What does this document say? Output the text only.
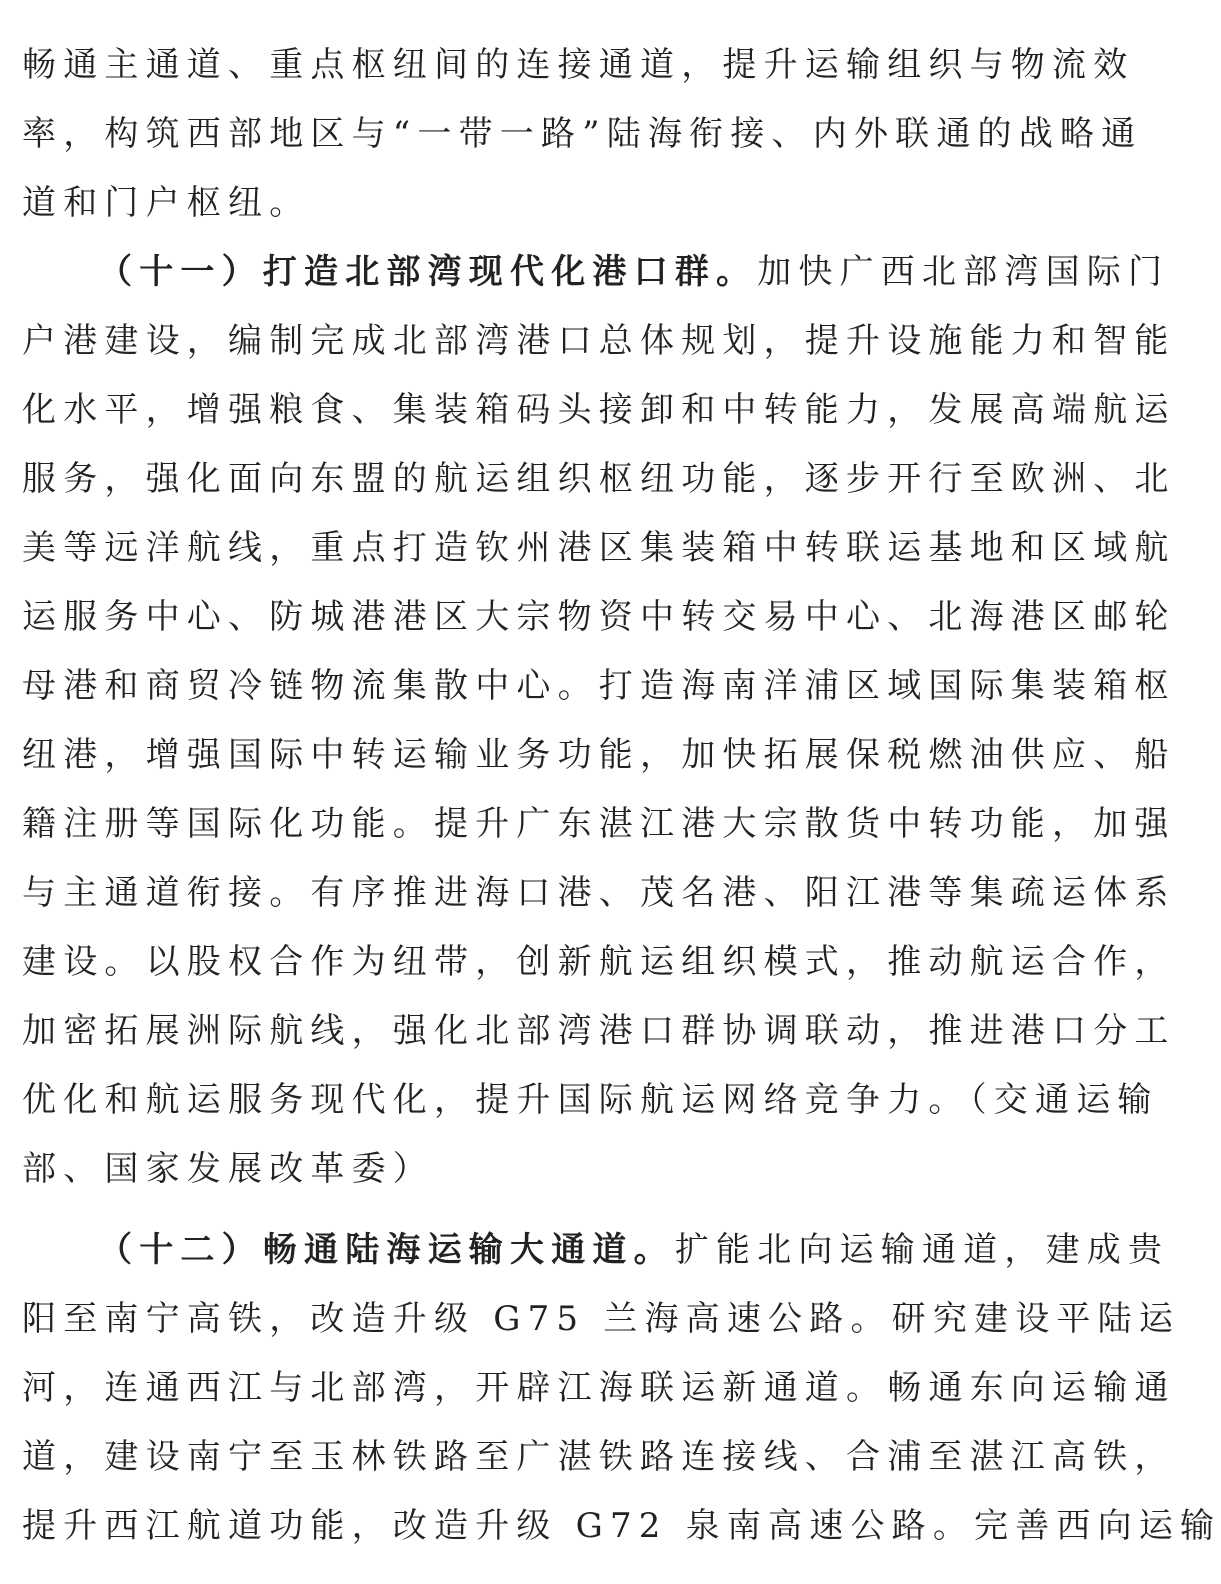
畅通主通道、重点枢纽间的连接通道，提升运输组织与物流效
率，构筑西部地区与“一带一路”陆海衔接、内外联通的战略通
道和门户枢纽。
（十一）打造北部湾现代化港口群。加快广西北部湾国际门
户港建设，编制完成北部湾港口总体规划，提升设施能力和智能
化水平，增强粮食、集装箱码头接卸和中转能力，发展高端航运
服务，强化面向东盟的航运组织枢纽功能，逐步开行至欧洲、北
美等远洋航线，重点打造钦州港区集装箱中转联运基地和区域航
运服务中心、防城港港区大宗物资中转交易中心、北海港区邮轮
母港和商贸冷链物流集散中心。打造海南洋浦区域国际集装箱枢
纽港，增强国际中转运输业务功能，加快拓展保税燃油供应、船
籍注册等国际化功能。提升广东湛江港大宗散货中转功能，加强
与主通道衔接。有序推进海口港、茂名港、阳江港等集疏运体系
建设。以股权合作为纽带，创新航运组织模式，推动航运合作，
加密拓展洲际航线，强化北部湾港口群协调联动，推进港口分工
优化和航运服务现代化，提升国际航运网络竞争力。（交通运输
部、国家发展改革委）
（十二）畅通陆海运输大通道。扩能北向运输通道，建成贵
阳至南宁高铁，改造升级 G75 兰海高速公路。研究建设平陆运
河，连通西江与北部湾，开辟江海联运新通道。畅通东向运输通
道，建设南宁至玉林铁路至广湛铁路连接线、合浦至湛江高铁，
提升西江航道功能，改造升级 G72 泉南高速公路。完善西向运输
